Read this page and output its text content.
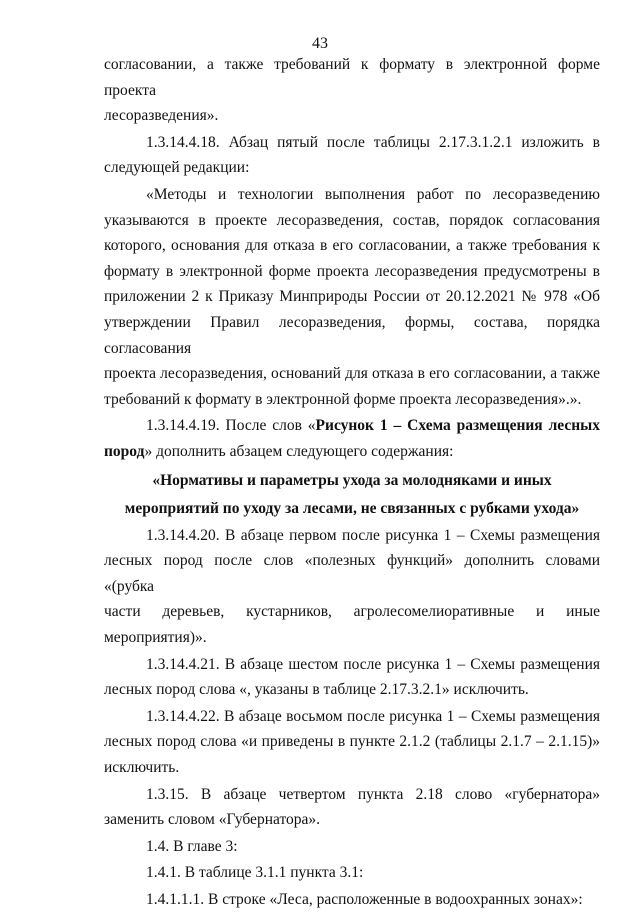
43

согласовании, а также требований к формату в электронной форме проекта

лесоразведения».

1.3.14.4.18. Абзац пятый после таблицы 2.17.3.1.2.1 изложить в

следующей редакции:

«Методы и технологии выполнения работ по лесоразведению

указываются в проекте лесоразведения, состав, порядок согласования

которого, основания для отказа в его согласовании, а также требования к

формату в электронной форме проекта лесоразведения предусмотрены в

приложении 2 к Приказу Минприроды России от 20.12.2021 № 978 «Об

утверждении Правил лесоразведения, формы, состава, порядка согласования

проекта лесоразведения, оснований для отказа в его согласовании, а также

требований к формату в электронной форме проекта лесоразведения».».

1.3.14.4.19. После слов «Рисунок 1 – Схема размещения лесных

пород» дополнить абзацем следующего содержания:

«Нормативы и параметры ухода за молодняками и иных

мероприятий по уходу за лесами, не связанных с рубками ухода»

1.3.14.4.20. В абзаце первом после рисунка 1 – Схемы размещения

лесных пород после слов «полезных функций» дополнить словами «(рубка

части деревьев, кустарников, агролесомелиоративные и иные

мероприятия)».

1.3.14.4.21. В абзаце шестом после рисунка 1 – Схемы размещения

лесных пород слова «, указаны в таблице 2.17.3.2.1» исключить.

1.3.14.4.22. В абзаце восьмом после рисунка 1 – Схемы размещения

лесных пород слова «и приведены в пункте 2.1.2 (таблицы 2.1.7 – 2.1.15)»

исключить.

1.3.15. В абзаце четвертом пункта 2.18 слово «губернатора»

заменить словом «Губернатора».

1.4. В главе 3:

1.4.1. В таблице 3.1.1 пункта 3.1:

1.4.1.1.1. В строке «Леса, расположенные в водоохранных зонах»:
